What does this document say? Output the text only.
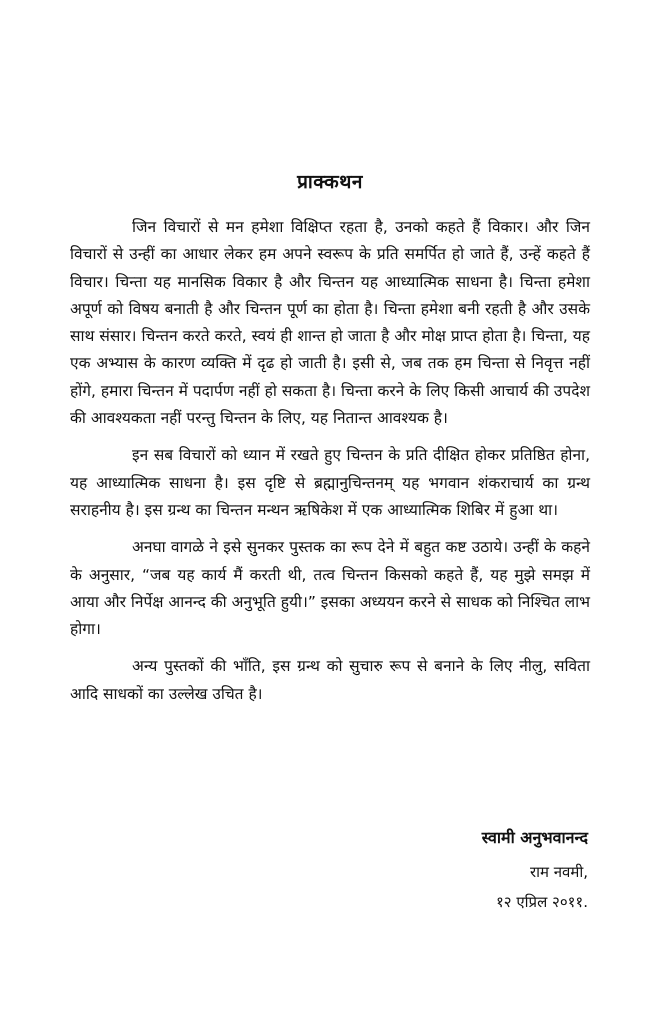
प्राक्कथन

जिन विचारों से मन हमेशा विक्षिप्त रहता है, उनको कहते हैं विकार। और जिन विचारों से उन्हीं का आधार लेकर हम अपने स्वरूप के प्रति समर्पित हो जाते हैं, उन्हें कहते हैं विचार। चिन्ता यह मानसिक विकार है और चिन्तन यह आध्यात्मिक साधना है। चिन्ता हमेशा अपूर्ण को विषय बनाती है और चिन्तन पूर्ण का होता है। चिन्ता हमेशा बनी रहती है और उसके साथ संसार। चिन्तन करते करते, स्वयं ही शान्त हो जाता है और मोक्ष प्राप्त होता है। चिन्ता, यह एक अभ्यास के कारण व्यक्ति में दृढ हो जाती है। इसी से, जब तक हम चिन्ता से निवृत्त नहीं होंगे, हमारा चिन्तन में पदार्पण नहीं हो सकता है। चिन्ता करने के लिए किसी आचार्य की उपदेश की आवश्यकता नहीं परन्तु चिन्तन के लिए, यह नितान्त आवश्यक है।

इन सब विचारों को ध्यान में रखते हुए चिन्तन के प्रति दीक्षित होकर प्रतिष्ठित होना, यह आध्यात्मिक साधना है। इस दृष्टि से ब्रह्मानुचिन्तनम् यह भगवान शंकराचार्य का ग्रन्थ सराहनीय है। इस ग्रन्थ का चिन्तन मन्थन ऋषिकेश में एक आध्यात्मिक शिबिर में हुआ था।

अनघा वागळे ने इसे सुनकर पुस्तक का रूप देने में बहुत कष्ट उठाये। उन्हीं के कहने के अनुसार, “जब यह कार्य मैं करती थी, तत्व चिन्तन किसको कहते हैं, यह मुझे समझ में आया और निर्पेक्ष आनन्द की अनुभूति हुयी।” इसका अध्ययन करने से साधक को निश्चित लाभ होगा।

अन्य पुस्तकों की भाँति, इस ग्रन्थ को सुचारु रूप से बनाने के लिए नीलु, सविता आदि साधकों का उल्लेख उचित है।

स्वामी अनुभवानन्द
राम नवमी,
१२ एप्रिल २०११.
